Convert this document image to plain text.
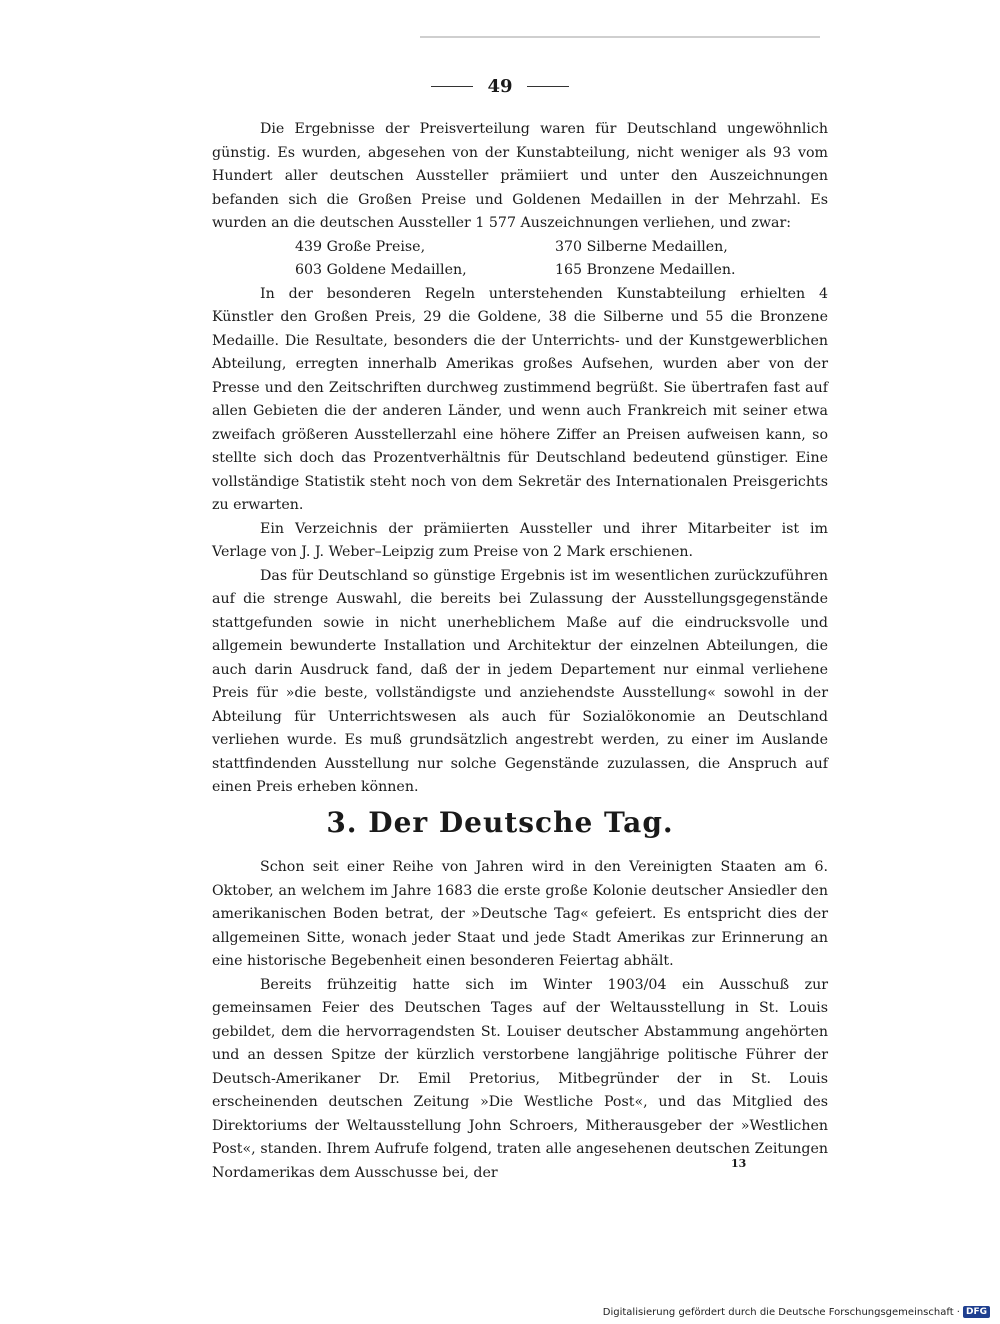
49

Die Ergebnisse der Preisverteilung waren für Deutschland ungewöhnlich günstig. Es wurden, abgesehen von der Kunstabteilung, nicht weniger als 93 vom Hundert aller deutschen Aussteller prämiiert und unter den Auszeichnungen befanden sich die Großen Preise und Goldenen Medaillen in der Mehrzahl. Es wurden an die deutschen Aussteller 1 577 Auszeichnungen verliehen, und zwar:

439 Große Preise,	370 Silberne Medaillen,
603 Goldene Medaillen,	165 Bronzene Medaillen.

In der besonderen Regeln unterstehenden Kunstabteilung erhielten 4 Künstler den Großen Preis, 29 die Goldene, 38 die Silberne und 55 die Bronzene Medaille. Die Resultate, besonders die der Unterrichts- und der Kunstgewerblichen Abteilung, erregten innerhalb Amerikas großes Aufsehen, wurden aber von der Presse und den Zeitschriften durchweg zustimmend begrüßt. Sie übertrafen fast auf allen Gebieten die der anderen Länder, und wenn auch Frankreich mit seiner etwa zweifach größeren Ausstellerzahl eine höhere Ziffer an Preisen aufweisen kann, so stellte sich doch das Prozentverhältnis für Deutschland bedeutend günstiger. Eine vollständige Statistik steht noch von dem Sekretär des Internationalen Preisgerichts zu erwarten.

Ein Verzeichnis der prämiierten Aussteller und ihrer Mitarbeiter ist im Verlage von J. J. Weber–Leipzig zum Preise von 2 Mark erschienen.

Das für Deutschland so günstige Ergebnis ist im wesentlichen zurückzuführen auf die strenge Auswahl, die bereits bei Zulassung der Ausstellungsgegenstände stattgefunden sowie in nicht unerheblichem Maße auf die eindrucksvolle und allgemein bewunderte Installation und Architektur der einzelnen Abteilungen, die auch darin Ausdruck fand, daß der in jedem Departement nur einmal verliehene Preis für »die beste, vollständigste und anziehendste Ausstellung« sowohl in der Abteilung für Unterrichtswesen als auch für Sozialökonomie an Deutschland verliehen wurde. Es muß grundsätzlich angestrebt werden, zu einer im Auslande stattfindenden Ausstellung nur solche Gegenstände zuzulassen, die Anspruch auf einen Preis erheben können.

3. Der Deutsche Tag.

Schon seit einer Reihe von Jahren wird in den Vereinigten Staaten am 6. Oktober, an welchem im Jahre 1683 die erste große Kolonie deutscher Ansiedler den amerikanischen Boden betrat, der »Deutsche Tag« gefeiert. Es entspricht dies der allgemeinen Sitte, wonach jeder Staat und jede Stadt Amerikas zur Erinnerung an eine historische Begebenheit einen besonderen Feiertag abhält.

Bereits frühzeitig hatte sich im Winter 1903/04 ein Ausschuß zur gemeinsamen Feier des Deutschen Tages auf der Weltausstellung in St. Louis gebildet, dem die hervorragendsten St. Louiser deutscher Abstammung angehörten und an dessen Spitze der kürzlich verstorbene langjährige politische Führer der Deutsch-Amerikaner Dr. Emil Pretorius, Mitbegründer der in St. Louis erscheinenden deutschen Zeitung »Die Westliche Post«, und das Mitglied des Direktoriums der Weltausstellung John Schroers, Mitherausgeber der »Westlichen Post«, standen. Ihrem Aufrufe folgend, traten alle angesehenen deutschen Zeitungen Nordamerikas dem Ausschusse bei, der

13
Digitalisierung gefördert durch die Deutsche Forschungsgemeinschaft · DFG
